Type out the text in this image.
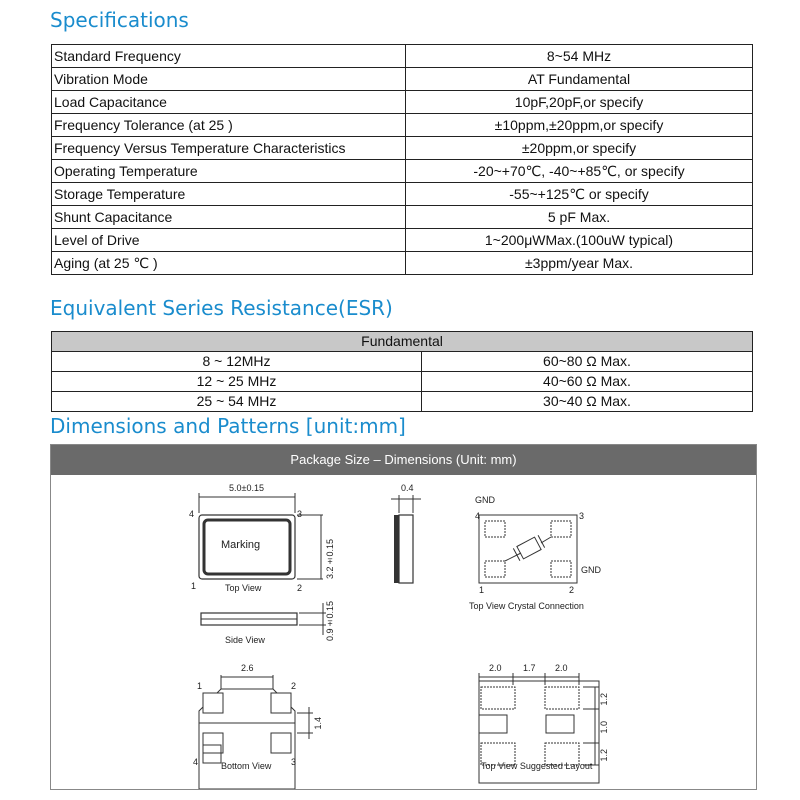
Specifications
Standard Frequency	8~54 MHz
Vibration Mode	AT Fundamental
Load Capacitance	10pF,20pF,or specify
Frequency Tolerance (at 25 )	±10ppm,±20ppm,or specify
Frequency Versus Temperature Characteristics	±20ppm,or specify
Operating Temperature	-20~+70℃, -40~+85℃, or specify
Storage Temperature	-55~+125℃ or specify
Shunt Capacitance	5 pF Max.
Level of Drive	1~200μWMax.(100uW typical)
Aging (at 25 ℃ )	±3ppm/year Max.
Equivalent Series Resistance(ESR)
Fundamental	
8 ~ 12MHz	60~80 Ω Max.
12 ~ 25 MHz	40~60 Ω Max.
25 ~ 54 MHz	30~40 Ω Max.
Dimensions and Patterns [unit:mm]
Package Size – Dimensions (Unit: mm)
5.0±0.15
3.2±0.15
Marking
Top View
4	3
1	2
0.4
Side View	0.9±0.15
GND
GND
4	3
1	2
Top View Crystal Connection
2.6
1.4
1	2
3
4	Bottom View
2.0 1.7 2.0
1.2
1.0
1.2
Top View Suggested Layout
